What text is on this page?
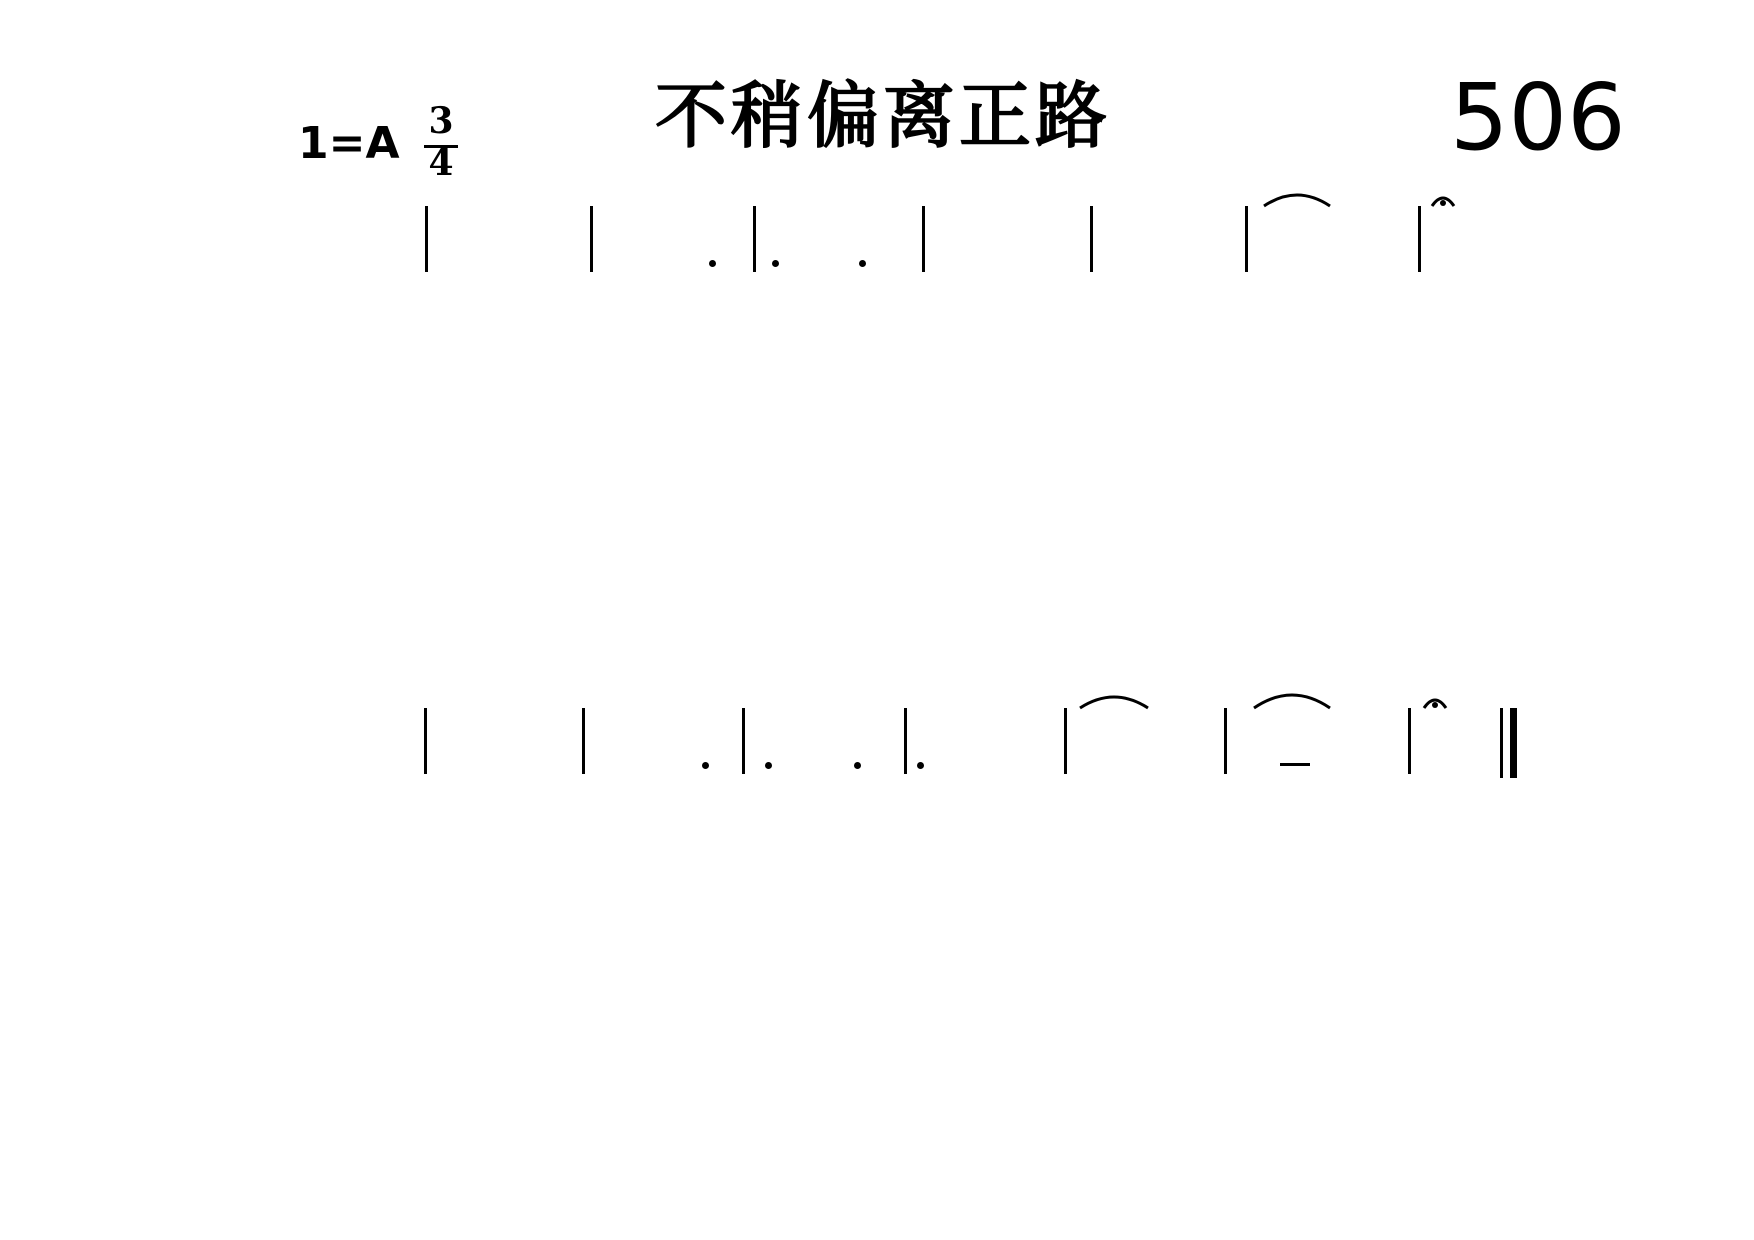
不稍偏离正路	506
1=A 3
4
